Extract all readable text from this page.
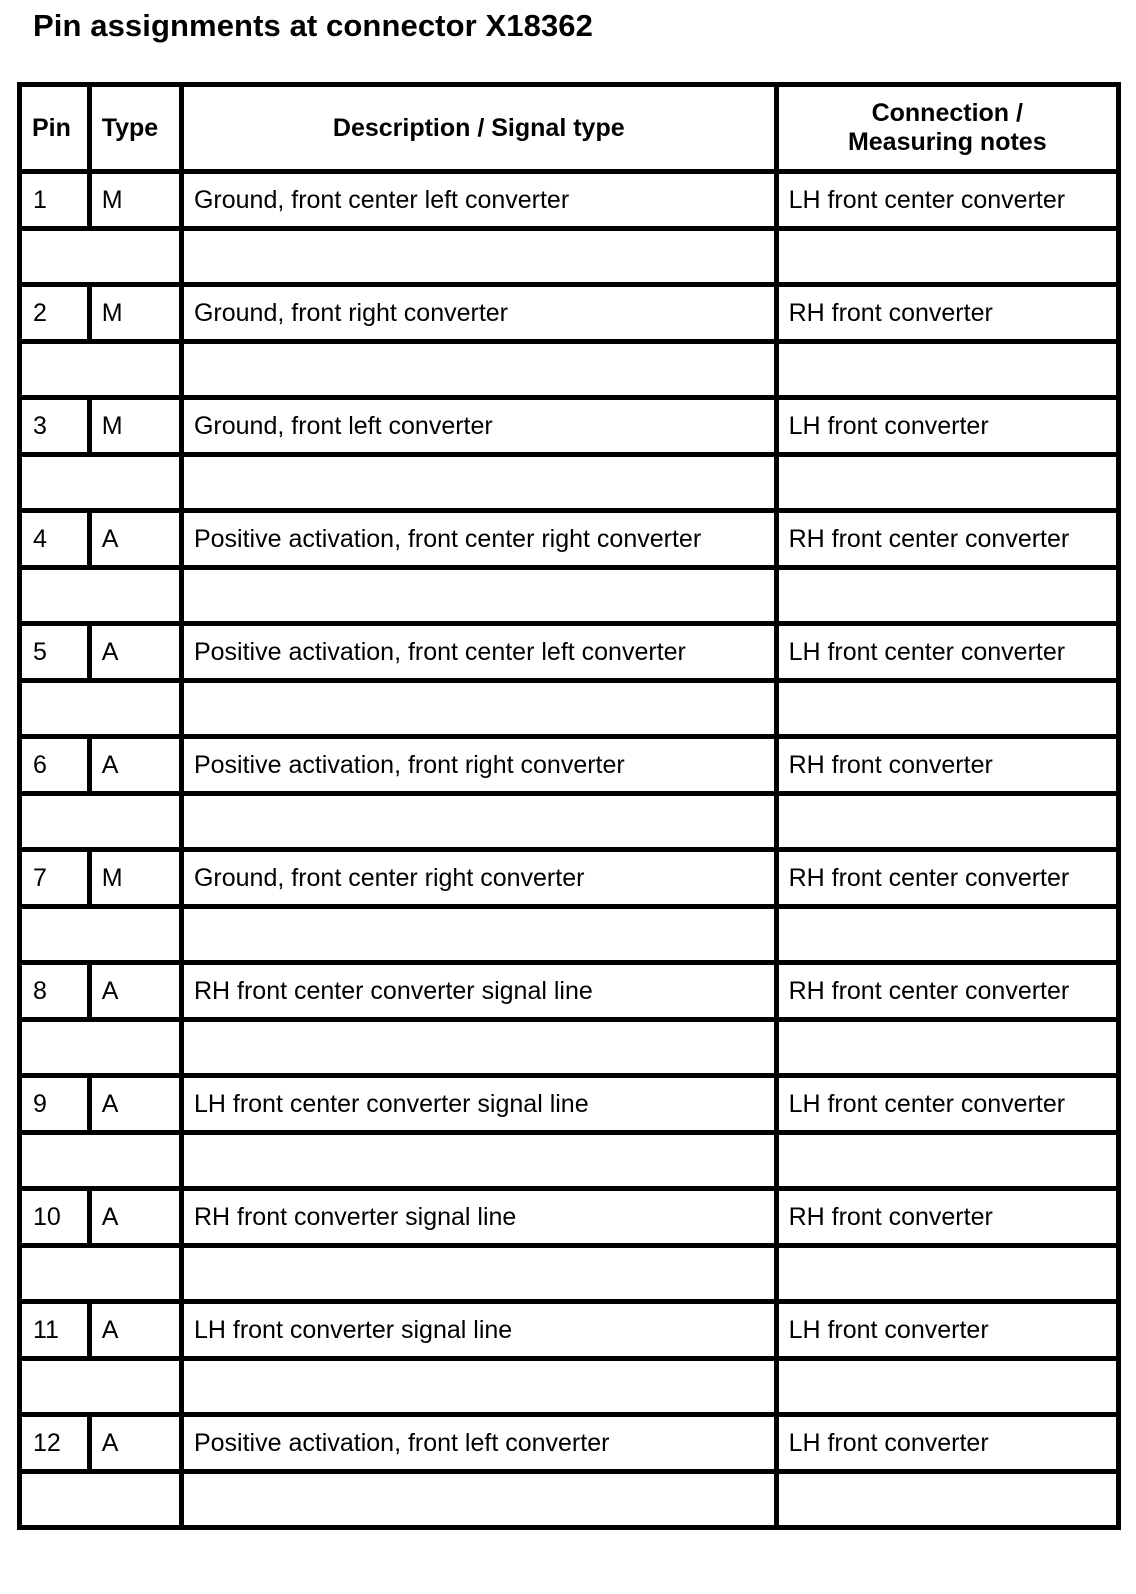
Pin assignments at connector X18362
Pin	Type	Description / Signal type	Connection /
Measuring notes

1	M	Ground, front center left converter	LH front center converter

2	M	Ground, front right converter	RH front converter

3	M	Ground, front left converter	LH front converter

4	A	Positive activation, front center right converter	RH front center converter

5	A	Positive activation, front center left converter	LH front center converter

6	A	Positive activation, front right converter	RH front converter

7	M	Ground, front center right converter	RH front center converter

8	A	RH front center converter signal line	RH front center converter

9	A	LH front center converter signal line	LH front center converter

10	A	RH front converter signal line	RH front converter

11	A	LH front converter signal line	LH front converter

12	A	Positive activation, front left converter	LH front converter
